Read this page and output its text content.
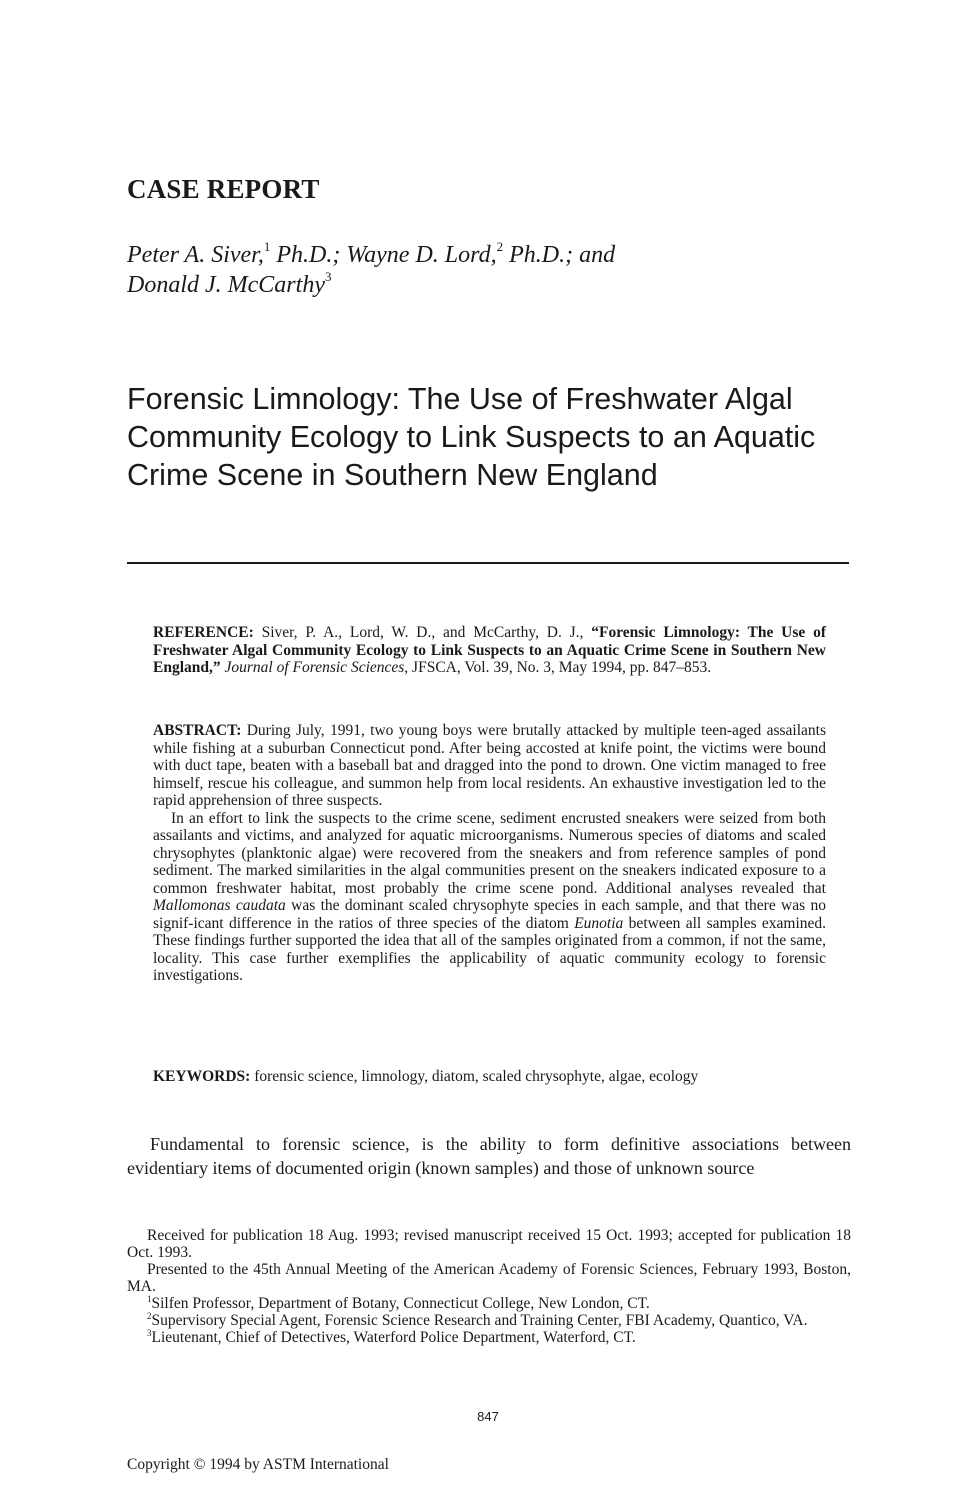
CASE REPORT
Peter A. Siver,$^1$ Ph.D.; Wayne D. Lord,$^2$ Ph.D.; and
Donald J. McCarthy$^3$
Forensic Limnology: The Use of Freshwater Algal
Community Ecology to Link Suspects to an Aquatic
Crime Scene in Southern New England

REFERENCE: Siver, P. A., Lord, W. D., and McCarthy, D. J., “Forensic Limnology: The Use of Freshwater Algal Community Ecology to Link Suspects to an Aquatic Crime Scene in Southern New England,” Journal of Forensic Sciences, JFSCA, Vol. 39, No. 3, May 1994, pp. 847–853.

ABSTRACT: During July, 1991, two young boys were brutally attacked by multiple teen-aged assailants while fishing at a suburban Connecticut pond. After being accosted at knife point, the victims were bound with duct tape, beaten with a baseball bat and dragged into the pond to drown. One victim managed to free himself, rescue his colleague, and summon help from local residents. An exhaustive investigation led to the rapid apprehension of three suspects.

In an effort to link the suspects to the crime scene, sediment encrusted sneakers were seized from both assailants and victims, and analyzed for aquatic microorganisms. Numerous species of diatoms and scaled chrysophytes (planktonic algae) were recovered from the sneakers and from reference samples of pond sediment. The marked similarities in the algal communities present on the sneakers indicated exposure to a common freshwater habitat, most probably the crime scene pond. Additional analyses revealed that Mallomonas caudata was the dominant scaled chrysophyte species in each sample, and that there was no signif-icant difference in the ratios of three species of the diatom Eunotia between all samples examined. These findings further supported the idea that all of the samples originated from a common, if not the same, locality. This case further exemplifies the applicability of aquatic community ecology to forensic investigations.

KEYWORDS: forensic science, limnology, diatom, scaled chrysophyte, algae, ecology

Fundamental to forensic science, is the ability to form definitive associations between evidentiary items of documented origin (known samples) and those of unknown source

Received for publication 18 Aug. 1993; revised manuscript received 15 Oct. 1993; accepted for publication 18 Oct. 1993.

Presented to the 45th Annual Meeting of the American Academy of Forensic Sciences, February 1993, Boston, MA.

$^1$Silfen Professor, Department of Botany, Connecticut College, New London, CT.

$^2$Supervisory Special Agent, Forensic Science Research and Training Center, FBI Academy, Quantico, VA.

$^3$Lieutenant, Chief of Detectives, Waterford Police Department, Waterford, CT.

847
Copyright © 1994 by ASTM International
